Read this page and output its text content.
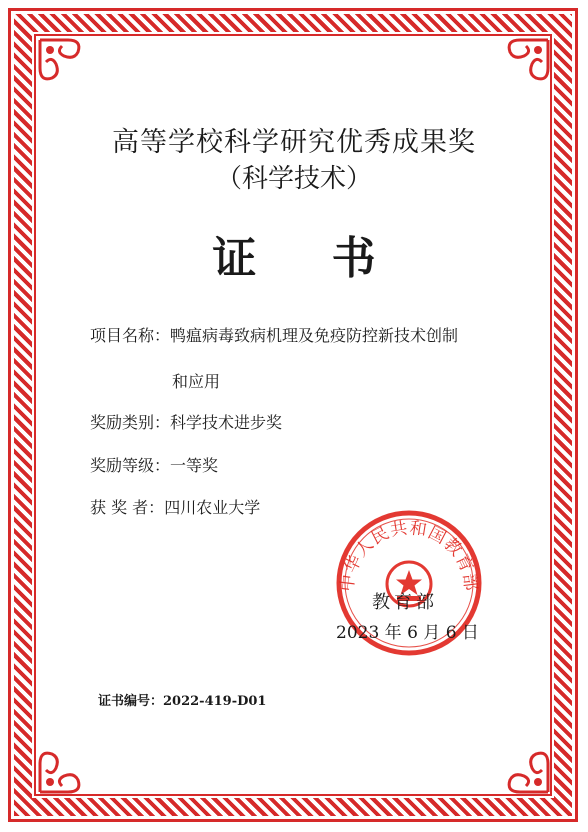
高等学校科学研究优秀成果奖
（科学技术）
证 书
项目名称：鸭瘟病毒致病机理及免疫防控新技术创制
和应用
奖励类别：科学技术进步奖
奖励等级：一等奖
获 奖 者：四川农业大学
中华人民共和国教育部
教育部
2023 年 6 月 6 日
证书编号：2022-419-D01
